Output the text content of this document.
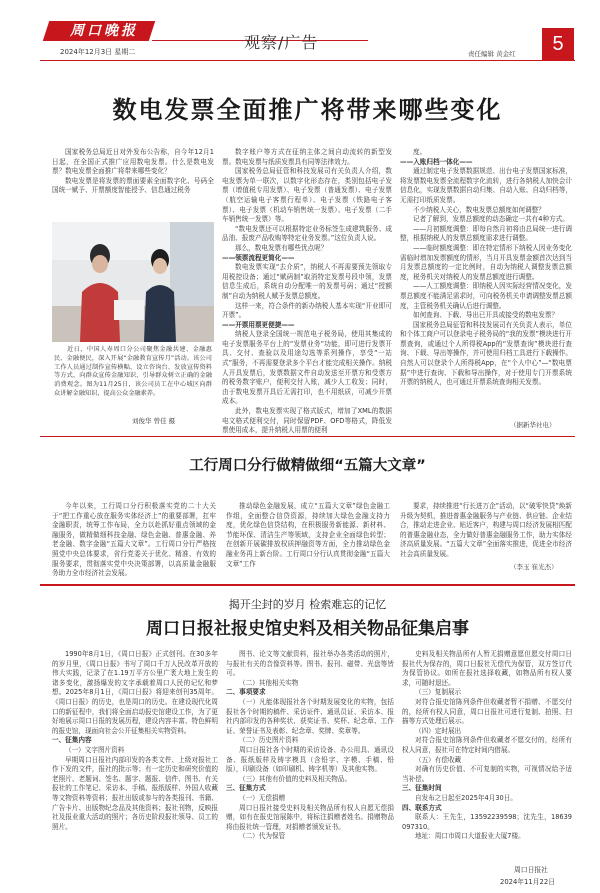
周口晚报
2024年12月3日 星期二	观察/广告
责任编辑 黄金红	5
数电发票全面推广将带来哪些变化

国家税务总局近日对外发布公告称，自今年12月1日起，在全国正式推广应用数电发票。什么是数电发票？数电发票全面推广将带来哪些变化？

数电发票是将发票的票面要素全面数字化、号码全国统一赋予、开票额度智能授予、信息通过税务

近日，中国人寿周口分公司聚焦金融共建、金融惠民、金融便民，深入开展“金融教育宣传月”活动。该公司工作人员通过制作宣传横幅、设立咨询台、发放宣传资料等方式，向群众宣传金融知识，引导群众树立正确的金融消费观念。图为11月25日，该公司员工在中心城区向群众讲解金融知识，提高公众金融素养。
刘俊华 曾佳 摄

数字账户等方式在征纳主体之间自动流转的新型发票。数电发票与纸质发票具有同等法律效力。

国家税务总局征管和科技发展司有关负责人介绍，数电发票为单一联次，以数字化形态存在，类别包括电子发票（增值税专用发票）、电子发票（普通发票）、电子发票（航空运输电子客票行程单）、电子发票（铁路电子客票）、电子发票（机动车销售统一发票）、电子发票（二手车销售统一发票）等。

“数电发票还可以根据特定业务标签生成建筑服务、成品油、报废产品收购等特定业务发票。”这位负责人说。

那么，数电发票有哪些优点呢？

——领票流程更简化——

数电发票实现“去介质”，纳税人不再需要预先领取专用税控设备；通过“赋码制”取消特定发票号段申领，发票信息生成后，系统自动分配唯一的发票号码；通过“授额制”自动为纳税人赋予发票总额度。

这样一来，符合条件的新办纳税人基本实现“开业即可开票”。

——开票用票更便捷——

纳税人登录全国统一规范电子税务局，使用其集成的电子发票服务平台上的“发票业务”功能，即可进行发票开具、交付、查验以及用途勾选等系列操作，享受“一站式”服务，不再需要登录多个平台才能完成相关操作。纳税人开具发票后，发票数据文件自动发送至开票方和受票方的税务数字账户，便利交付入账，减少人工收发；同时，由于数电发票开具后无需打印，也不用纸质，可减少开票成本。

此外，数电发票实现了格式版式，增加了XML的数据电文格式便利交付，同时保留PDF、OFD等格式，降低发票使用成本，提升纳税人用票的便利

度。

——入账归档一体化——

通过制定电子发票数据规范、出台电子发票国家标准，将发票数电发票全流程数字化流转，进行各纳税人加快会计信息化，实现发票数据自动归集、自动入账、自动归档等，无需打印纸质发票。

不少纳税人关心，数电发票总额度如何调整？

记者了解到，发票总额度的动态确定一共有4种方式。

——月初额度调整：即每自然月初将由总局统一进行调整，根据纳税人的发票总额度需求进行调整。

——临时额度调整：即在特定情形下纳税人因业务变化需临时增加发票额度的情形，当月开具发票金额首次达到当月发票总额度的一定比例时，自动为纳税人调整发票总额度，税务机关对纳税人的发票总额度进行调整。

——人工额度调整：即纳税人因实际经营情况变化，发票总额度不能满足需求时，可向税务机关申请调整发票总额度，主管税务机关确认后进行调整。

如何查询、下载、导出已开具或接受的数电发票？

国家税务总局征管和科技发展司有关负责人表示，单位和个体工商户可以登录电子税务局的“我的发票”模块进行开票查询，或通过个人所得税App的“发票查询”模块进行查询、下载、导出等操作，并可使用归档工具进行下载操作。自然人可以登录个人所得税App，在“个人中心”—“数电票据”中进行查询、下载和导出操作，对于使用专门开票系统开票的纳税人，也可通过开票系统查询相关发票。

（据新华社电）
工行周口分行做精做细“五篇大文章”
今年以来，工行周口分行积极落实党的二十大关于“把工作重心放在服务实体经济上”的重要部署，扛牢金融职责，统筹工作布局，全力以赴抓好重点领域的金融服务，做精做细科技金融、绿色金融、普惠金融、养老金融、数字金融“五篇大文章”。工行周口分行严格按照党中央总体要求，省行党委关于优化、精准、有效的服务要求，贯彻落实党中央决策部署，以高质量金融服务助力全市经济社会发展。
推动绿色金融发展，成立“五篇大文章”绿色金融工作组，全面整合信贷资源，持续加大绿色金融支持力度，优化绿色信贷结构，在积极服务新能源、新材料、节能环保、清洁生产等领域，支持企业全面绿色转型；在创新开展碳排放权质押融资等方面，全力推动绿色金融业务再上新台阶。工行周口分行认真贯彻金融“五篇大文章”工作
要求，持续推进“行长进万企”活动，以“破零快贷”焕新升级为契机，推进普惠金融服务与产业链、供应链、企业结合，推动走进企业、贴近客户，构建与周口经济发展相匹配的普惠金融业态，全力做好普惠金融服务工作，助力实体经济高质量发展。“五篇大文章”全面落实推进，促进全市经济社会高质量发展。
（李玉 崔光杰）
揭开尘封的岁月 检索难忘的记忆
周口日报社报史馆史料及相关物品征集启事

1990年8月1日，《周口日报》正式创刊。在30多年的岁月里，《周口日报》书写了周口千万人民改革开放的伟大实践，记录了在1.19万平方公里广袤大地上发生的诸多变化，激扬爆发的文字承载着周口人民的记忆和梦想。2025年8月1日，《周口日报》将迎来创刊35周年。《周口日报》的历史，也是周口的历史。在建设现代化周口的新征程中，我们将全面启动报史馆建设工作，为了更好地展示周口日报的发展历程，建设内容丰富、特色鲜明的报史馆，现面向社会公开征集相关实物资料。

一、征集内容

（一）文字图片资料

早期周口日报社内部印发的各类文件、上级对报社工作下发的文件，报社的批示等；有一定历史和研究价值的老照片、老题词、签名、题字、题报、信件、图书、有关报社的工作笔记、采访本、手稿、报纸版样、外国人收藏等文物资料等资料；报社出版或参与的各类报刊、书籍、广告卡片、出版物纪念品及其他资料；报社刊物，反映报社及报业重大活动的照片；各历史阶段报社领导、员工的照片。

图书、论文等文献资料，报社举办各类活动的照片，与报社有关的音像资料等。图书、报刊、磁带、光盘等皆可。

（二）其他相关实物

二、事项要求

（一）凡能体现报社各个时期发展变化的实物，包括报社各个时期的稿件、采访证件、通讯员证、采访本、报社内部印发的各种奖状、获奖证书、奖杯、纪念章、工作证、荣誉证书及表彰、纪念章、奖牌、奖章等。

（二）历史图片资料

周口日报社各个时期的采访设备、办公用具、通讯设备、报纸版样及铸字模具（含铅字、字模、手稿、铅版），印刷设备（如印刷机、铸字机等）及其他实物。

（三）其他有价值的史料及相关物品。

三、征集方式

（一）无偿捐赠

周口日报社接受史料及相关物品所有权人自愿无偿捐赠，如有在报史馆展陈中，将标注捐赠者姓名。捐赠物品将由报社统一管理，对捐赠者颁发证书。

（二）代为保管

史料及相关物品所有人暂无捐赠意愿但愿交付周口日报社代为保存的，周口日报社无偿代为保管，双方签订代为保管协议。如所在报社选择收藏，如物品所有权人要求，可随时退还。

（三）复制展示

对符合报史馆陈列条件但收藏者暂不捐赠、不愿交付的，经所有权人同意，周口日报社可进行复制、拍照、扫描等方式处理后展示。

（四）定时展出

对符合报史馆陈列条件但收藏者不愿交付的，经所有权人同意，报社可在特定时间内借展。

（五）有偿收藏

对确有历史价值、不可复制的实物，可视情况给予适当补偿。

三、征集时间

自发布之日起至2025年4月30日。

四、联系方式

联系人：王先生，13592239598；沈先生，18639097310。

地址：周口市周口大道报业大厦7楼。

周口日报社
2024年11月22日
